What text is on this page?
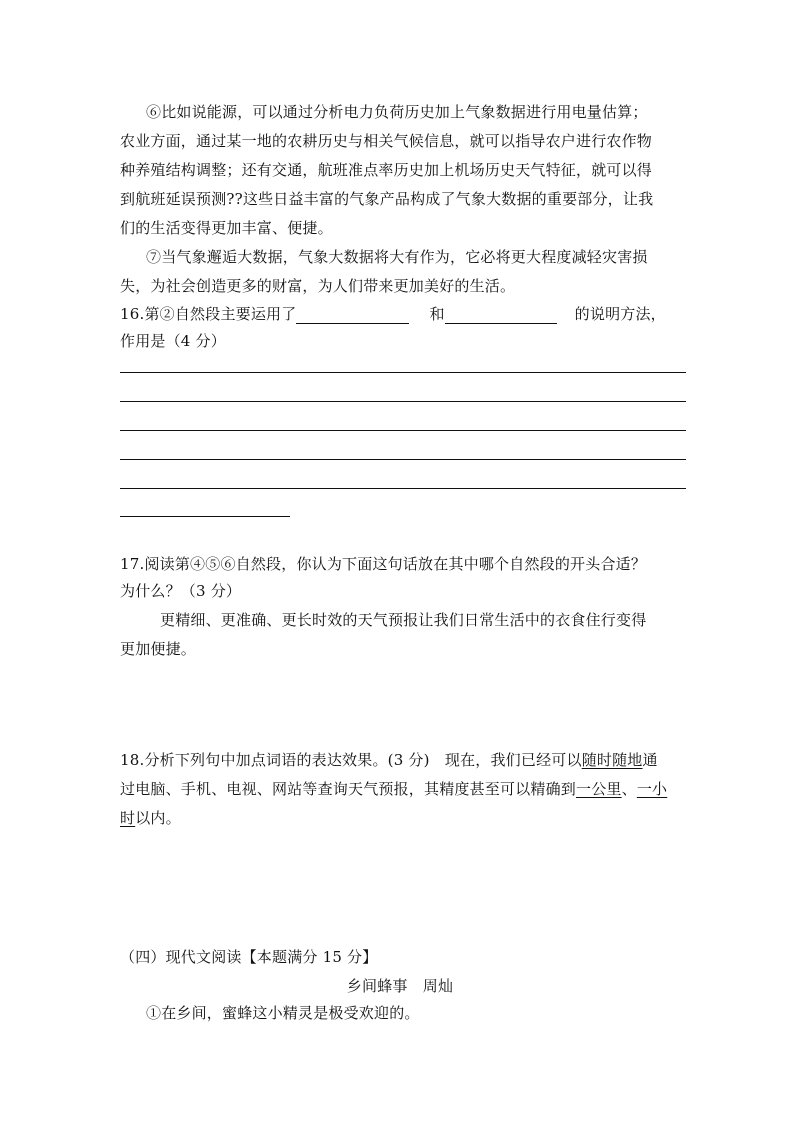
⑥比如说能源，可以通过分析电力负荷历史加上气象数据进行用电量估算；
农业方面，通过某一地的农耕历史与相关气候信息，就可以指导农户进行农作物
种养殖结构调整；还有交通，航班准点率历史加上机场历史天气特征，就可以得
到航班延误预测??这些日益丰富的气象产品构成了气象大数据的重要部分，让我
们的生活变得更加丰富、便捷。
⑦当气象邂逅大数据，气象大数据将大有作为，它必将更大程度减轻灾害损
失，为社会创造更多的财富，为人们带来更加美好的生活。
16.第②自然段主要运用了	和	的说明方法，
作用是（4 分）
17.阅读第④⑤⑥自然段，你认为下面这句话放在其中哪个自然段的开头合适？
为什么？（3 分）
更精细、更准确、更长时效的天气预报让我们日常生活中的衣食住行变得
更加便捷。
18.分析下列句中加点词语的表达效果。(3 分)　现在，我们已经可以随时随地通
过电脑、手机、电视、网站等查询天气预报，其精度甚至可以精确到一公里、一小
时以内。
（四）现代文阅读【本题满分 15 分】
乡间蜂事　周灿
①在乡间，蜜蜂这小精灵是极受欢迎的。
